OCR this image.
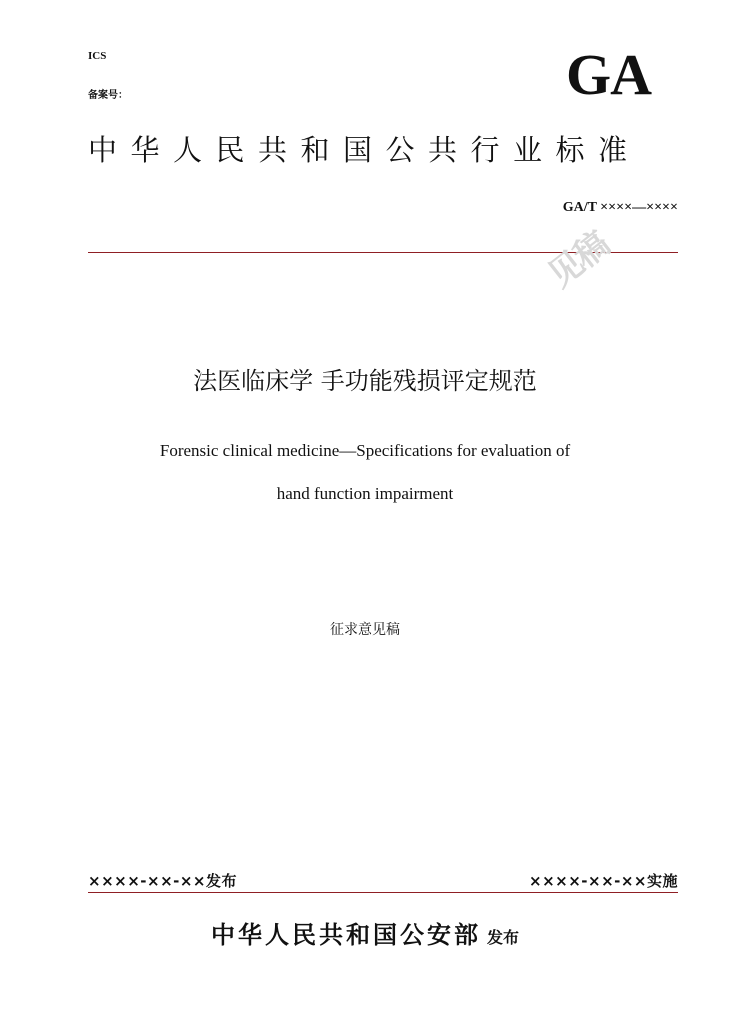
ICS
备案号：	GA
中华人民共和国公共行业标准
GA/T ××××—××××
见稿
法医临床学 手功能残损评定规范
Forensic clinical medicine—Specifications for evaluation of
hand function impairment
征求意见稿
××××-××-××发布	××××-××-××实施
中华人民共和国公安部 发布
